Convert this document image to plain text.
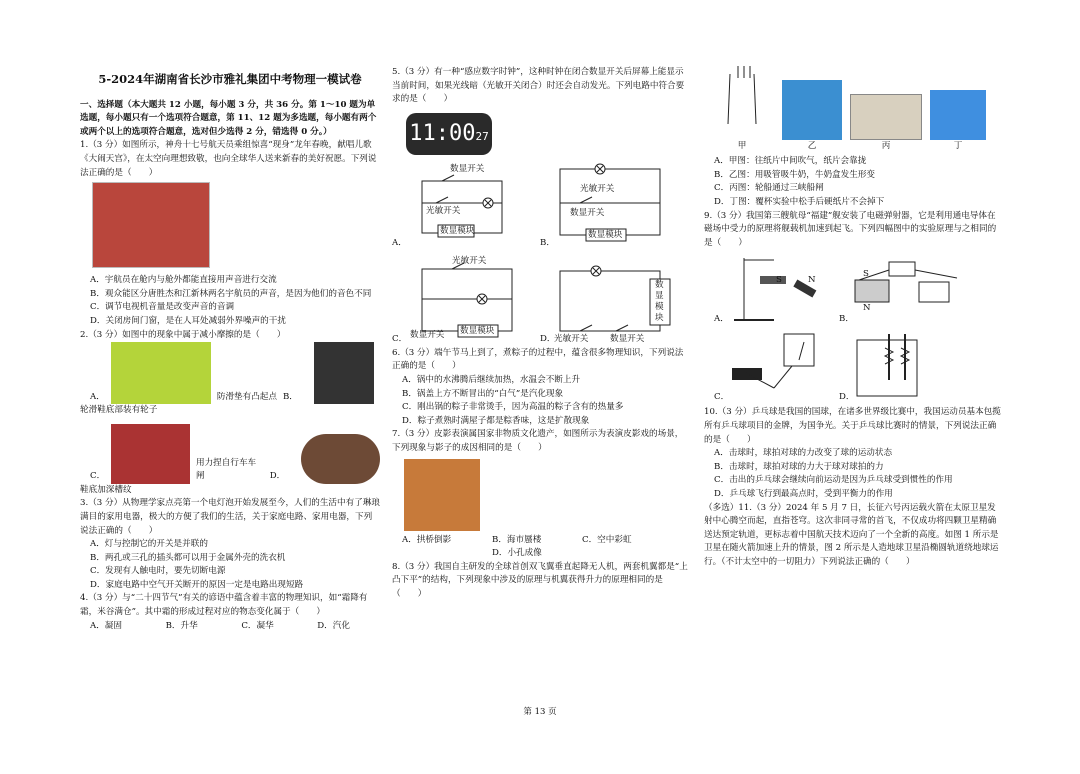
5-2024年湖南省长沙市雅礼集团中考物理一模试卷

一、选择题（本大题共 12 小题，每小题 3 分，共 36 分。第 1～10 题为单选题，每小题只有一个选项符合题意，第 11、12 题为多选题，每小题有两个或两个以上的选项符合题意，选对但少选得 2 分，错选得 0 分。）

1.（3 分）如图所示，神舟十七号航天员乘组惊喜“现身”龙年春晚，献唱儿歌《大闹天宫》，在太空向理想致敬，也向全球华人送来新春的美好祝愿。下列说法正确的是（　　）

A．宇航员在舱内与舱外都能直接用声音进行交流

B．观众能区分唐胜杰和江新林两名宇航员的声音，是因为他们的音色不同

C．调节电视机音量是改变声音的音调

D．关闭房间门窗，是在人耳处减弱外界噪声的干扰

2.（3 分）如图中的现象中属于减小摩擦的是（　　）

A．	防滑垫有凸起点 B．

轮滑鞋底部装有轮子

C．
用力捏自行车车闸	D．

鞋底加深槽纹

3.（3 分）从物理学家点亮第一个电灯泡开始发展至今，人们的生活中有了琳琅满目的家用电器，极大的方便了我们的生活，关于家庭电路、家用电器，下列说法正确的（　　）

A．灯与控制它的开关是并联的

B．两孔或三孔的插头都可以用于金属外壳的洗衣机

C．发现有人触电时，要先切断电源

D．家庭电路中空气开关断开的原因一定是电路出现短路

4.（3 分）与“二十四节气”有关的谚语中蕴含着丰富的物理知识，如“霜降有霜，米谷满仓”。其中霜的形成过程对应的物态变化属于（　　）

A．凝固	B．升华	C．凝华	D．汽化

5.（3 分）有一种“感应数字时钟”，这种时钟在闭合数显开关后屏幕上能显示当前时间，如果光线暗（光敏开关闭合）时还会自动发光。下列电路中符合要求的是（　　）

11:0027
数显开关
光敏开关
数显模块
A．
光敏开关
数显模块
数显开关
B．
光敏开关
数显开关 数显模块
C．
数
显
模
块
光敏开关	数显开关
D．

6.（3 分）端午节马上到了，煮粽子的过程中，蕴含很多物理知识，下列说法正确的是（　　）

A．锅中的水沸腾后继续加热，水温会不断上升

B．锅盖上方不断冒出的“白气”是汽化现象

C．刚出锅的粽子非常烫手，因为高温的粽子含有的热量多

D．粽子煮熟时满屋子都是粽香味，这是扩散现象

7.（3 分）皮影表演属国家非物质文化遗产，如图所示为表演皮影戏的场景，下列现象与影子的成因相同的是（　　）

A．拱桥倒影	B．海市蜃楼	C．空中彩虹

D．小孔成像

8.（3 分）我国自主研发的全球首创双飞翼垂直起降无人机，两套机翼都是“上凸下平”的结构，下列现象中涉及的原理与机翼获得升力的原理相同的是（　　）

甲	乙	丙	丁

A．甲图：往纸片中间吹气，纸片会靠拢

B．乙图：用吸管吸牛奶，牛奶盒发生形变

C．丙图：轮船通过三峡船闸

D．丁图：覆杯实验中松手后硬纸片不会掉下

9.（3 分）我国第三艘航母“福建”舰安装了电磁弹射器，它是利用通电导体在磁场中受力的原理将舰载机加速到起飞。下列四幅图中的实验原理与之相同的是（　　）

S	N
A．
S
N
B．
C．	D．

10.（3 分）乒乓球是我国的国球，在诸多世界级比赛中，我国运动员基本包揽所有乒乓球项目的金牌，为国争光。关于乒乓球比赛时的情景，下列说法正确的是（　　）

A．击球时，球拍对球的力改变了球的运动状态

B．击球时，球拍对球的力大于球对球拍的力

C．击出的乒乓球会继续向前运动是因为乒乓球受到惯性的作用

D．乒乓球飞行到最高点时，受到平衡力的作用

（多选）11.（3 分）2024 年 5 月 7 日，长征六号丙运载火箭在太原卫星发射中心腾空而起，直指苍穹。这次非同寻常的首飞，不仅成功将四颗卫星精确送达预定轨道，更标志着中国航天技术迈向了一个全新的高度。如图 1 所示是卫星在随火箭加速上升的情景，图 2 所示是人造地球卫星沿椭圆轨道绕地球运行。（不计太空中的一切阻力）下列说法正确的（　　）

第 13 页
